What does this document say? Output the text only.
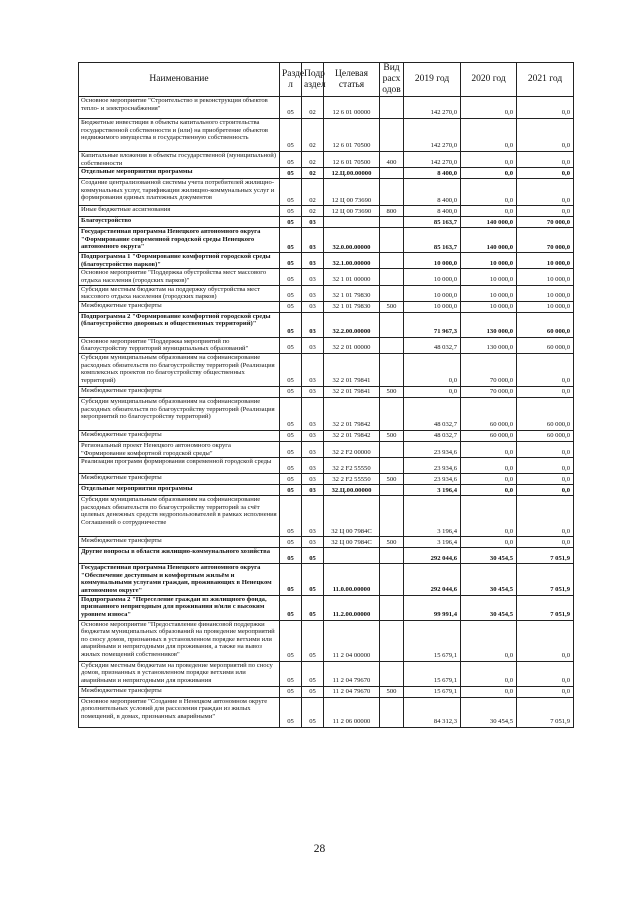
Наименование	Разде л	Подр аздел	Целевая статья	Вид расх одов	2019 год	2020 год	2021 год
Основное мероприятие "Строительство и реконструкция объектов тепло- и электроснабжения"	05	02	12 6 01 00000		142 270,0	0,0	0,0
Бюджетные инвестиции в объекты капитального строительства государственной собственности и (или) на приобретение объектов недвижимого имущества в государственную собственность	05	02	12 6 01 70500		142 270,0	0,0	0,0
Капитальные вложения в объекты государственной (муниципальной) собственности	05	02	12 6 01 70500	400	142 270,0	0,0	0,0
Отдельные мероприятия программы	05	02	12.Ц.00.00000		8 400,0	0,0	0,0
Создание централизованной системы учета потребителей жилищно-коммунальных услуг, тарификации жилищно-коммунальных услуг и формирования единых платежных документов	05	02	12 Ц 00 73690		8 400,0	0,0	0,0
Иные бюджетные ассигнования	05	02	12 Ц 00 73690	800	8 400,0	0,0	0,0
Благоустройство	05	03			85 163,7	140 000,0	70 000,0
Государственная программа Ненецкого автономного округа "Формирование современной городской среды Ненецкого автономного округа"	05	03	32.0.00.00000		85 163,7	140 000,0	70 000,0
Подпрограмма 1 "Формирование комфортной городской среды (благоустройство парков)"	05	03	32.1.00.00000		10 000,0	10 000,0	10 000,0
Основное мероприятие "Поддержка обустройства мест массового отдыха населения (городских парков)"	05	03	32 1 01 00000		10 000,0	10 000,0	10 000,0
Субсидии местным бюджетам на поддержку обустройства мест массового отдыха населения (городских парков)	05	03	32 1 01 79830		10 000,0	10 000,0	10 000,0
Межбюджетные трансферты	05	03	32 1 01 79830	500	10 000,0	10 000,0	10 000,0
Подпрограмма 2 "Формирование комфортной городской среды (благоустройство дворовых и общественных территорий)"	05	03	32.2.00.00000		71 967,3	130 000,0	60 000,0
Основное мероприятие "Поддержка мероприятий по благоустройству территорий муниципальных образований"	05	03	32 2 01 00000		48 032,7	130 000,0	60 000,0
Субсидии муниципальным образованиям на софинансирование расходных обязательств по благоустройству территорий (Реализация комплексных проектов по благоустройству общественных территорий)	05	03	32 2 01 79841		0,0	70 000,0	0,0
Межбюджетные трансферты	05	03	32 2 01 79841	500	0,0	70 000,0	0,0
Субсидии муниципальным образованиям на софинансирование расходных обязательств по благоустройству территорий (Реализация мероприятий по благоустройству территорий)	05	03	32 2 01 79842		48 032,7	60 000,0	60 000,0
Межбюджетные трансферты	05	03	32 2 01 79842	500	48 032,7	60 000,0	60 000,0
Региональный проект Ненецкого автономного округа "Формирование комфортной городской среды"	05	03	32 2 F2 00000		23 934,6	0,0	0,0
Реализация программ формирования современной городской среды	05	03	32 2 F2 55550		23 934,6	0,0	0,0
Межбюджетные трансферты	05	03	32 2 F2 55550	500	23 934,6	0,0	0,0
Отдельные мероприятия программы	05	03	32.Ц.00.00000		3 196,4	0,0	0,0
Субсидии муниципальным образованиям на софинансирование расходных обязательств по благоустройству территорий за счёт целевых денежных средств недропользователей в рамках исполнения Соглашений о сотрудничестве	05	03	32 Ц 00 7984С		3 196,4	0,0	0,0
Межбюджетные трансферты	05	03	32 Ц 00 7984С	500	3 196,4	0,0	0,0
Другие вопросы в области жилищно-коммунального хозяйства	05	05			292 044,6	30 454,5	7 051,9
Государственная программа Ненецкого автономного округа "Обеспечение доступным и комфортным жильём и коммунальными услугами граждан, проживающих в Ненецком автономном округе"	05	05	11.0.00.00000		292 044,6	30 454,5	7 051,9
Подпрограмма 2 "Переселение граждан из жилищного фонда, признанного непригодным для проживания и/или с высоким уровнем износа"	05	05	11.2.00.00000		99 991,4	30 454,5	7 051,9
Основное мероприятие "Предоставление финансовой поддержки бюджетам муниципальных образований на проведение мероприятий по сносу домов, признанных в установленном порядке ветхими или аварийными и непригодными для проживания, а также на вывоз жилых помещений собственников"	05	05	11 2 04 00000		15 679,1	0,0	0,0
Субсидии местным бюджетам на проведение мероприятий по сносу домов, признанных в установленном порядке ветхими или аварийными и непригодными для проживания	05	05	11 2 04 79670		15 679,1	0,0	0,0
Межбюджетные трансферты	05	05	11 2 04 79670	500	15 679,1	0,0	0,0
Основное мероприятие "Создание в Ненецком автономном округе дополнительных условий для расселения граждан из жилых помещений, в домах, признанных аварийными"	05	05	11 2 06 00000		84 312,3	30 454,5	7 051,9
28
